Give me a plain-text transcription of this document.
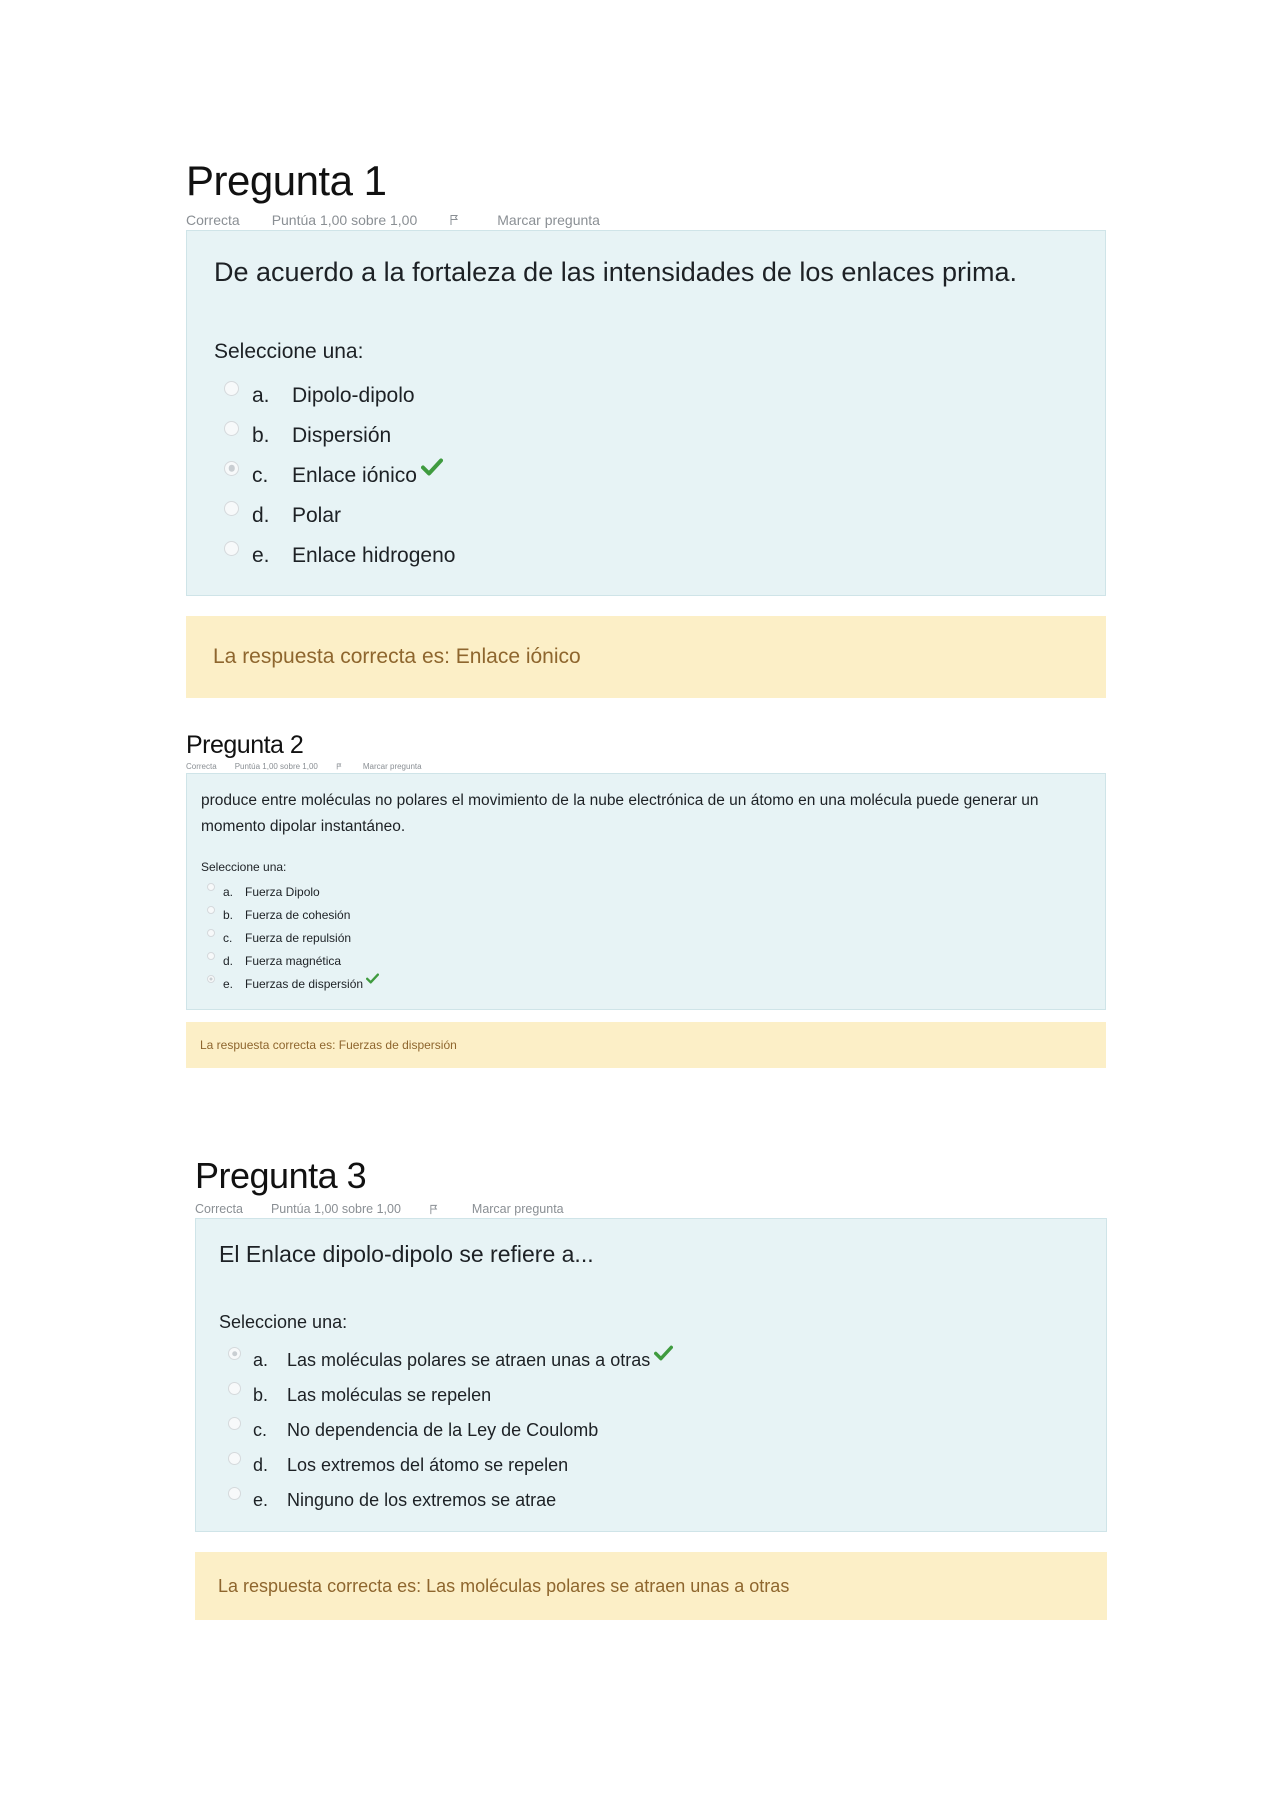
Pregunta 1
Correcta Puntúa 1,00 sobre 1,00	Marcar pregunta

De acuerdo a la fortaleza de las intensidades de los enlaces prima.

Seleccione una:
a.	Dipolo-dipolo
b.	Dispersión
c.	Enlace iónico
d.	Polar
e.	Enlace hidrogeno
La respuesta correcta es: Enlace iónico
Pregunta 2
Correcta Puntúa 1,00 sobre 1,00	Marcar pregunta

produce entre moléculas no polares el movimiento de la nube electrónica de un átomo en una molécula puede generar un
momento dipolar instantáneo.

Seleccione una:
a. Fuerza Dipolo
b. Fuerza de cohesión
c.	Fuerza de repulsión
d. Fuerza magnética
e. Fuerzas de dispersión
La respuesta correcta es: Fuerzas de dispersión
Pregunta 3
Correcta Puntúa 1,00 sobre 1,00	Marcar pregunta

El Enlace dipolo-dipolo se refiere a...

Seleccione una:
a.	Las moléculas polares se atraen unas a otras
b.	Las moléculas se repelen
c.	No dependencia de la Ley de Coulomb
d.	Los extremos del átomo se repelen
e.	Ninguno de los extremos se atrae
La respuesta correcta es: Las moléculas polares se atraen unas a otras
